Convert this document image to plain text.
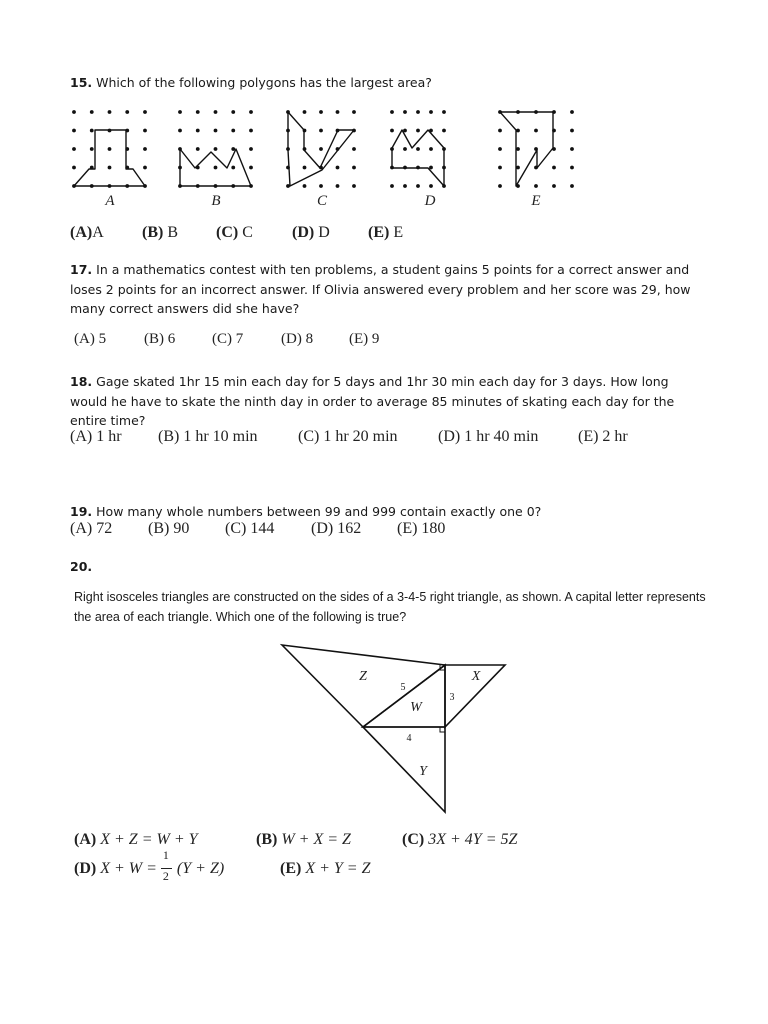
15. Which of the following polygons has the largest area?
A	B	C	D	E
(A)A (B) B (C) C (D) D (E) E
17. In a mathematics contest with ten problems, a student gains 5 points for a correct answer and loses 2 points for an incorrect answer. If Olivia answered every problem and her score was 29, how many correct answers did she have?
(A) 5	(B) 6 (C) 7	(D) 8 (E) 9
18. Gage skated 1hr 15 min each day for 5 days and 1hr 30 min each day for 3 days. How long would he have to skate the ninth day in order to average 85 minutes of skating each day for the entire time?
(A) 1 hr (B) 1 hr 10 min	(C) 1 hr 20 min	(D) 1 hr 40 min (E) 2 hr
19. How many whole numbers between 99 and 999 contain exactly one 0?
(A) 72 (B) 90 (C) 144 (D) 162 (E) 180
20.
Right isosceles triangles are constructed on the sides of a 3-4-5 right triangle, as shown. A capital letter represents the area of each triangle. Which one of the following is true?
Z	X
W
Y
5
3
4
(A) X + Z = W + Y	(B) W + X = Z	(C) 3X + 4Y = 5Z
(D) $X + W = \frac{1}{2} (Y + Z)$	(E) X + Y = Z
